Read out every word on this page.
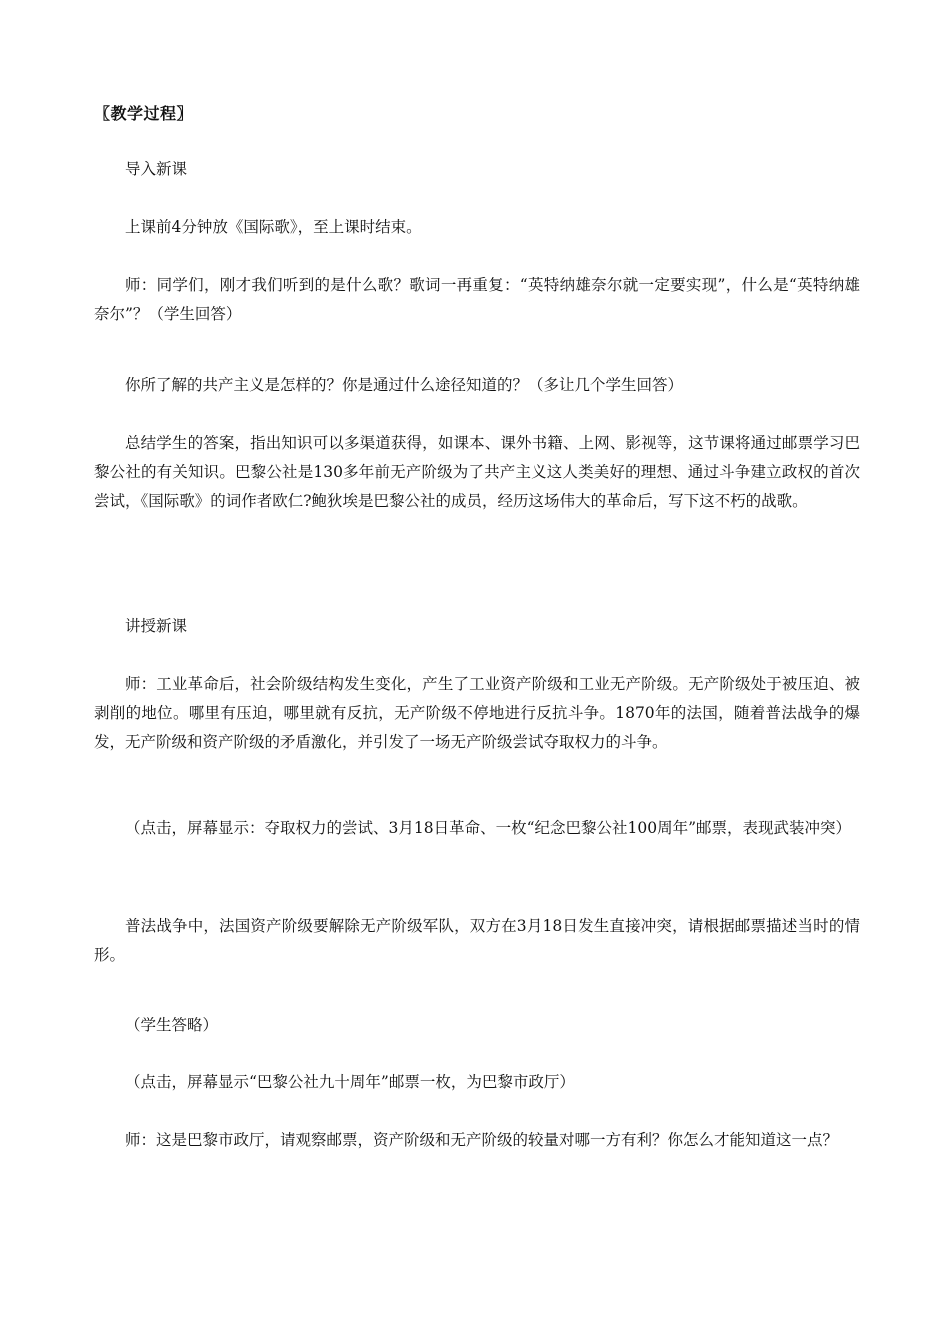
〖教学过程〗

导入新课

上课前4分钟放《国际歌》，至上课时结束。

师：同学们，刚才我们听到的是什么歌？歌词一再重复：“英特纳雄奈尔就一定要实现”，什么是“英特纳雄奈尔”？（学生回答）

你所了解的共产主义是怎样的？你是通过什么途径知道的？（多让几个学生回答）

总结学生的答案，指出知识可以多渠道获得，如课本、课外书籍、上网、影视等，这节课将通过邮票学习巴黎公社的有关知识。巴黎公社是130多年前无产阶级为了共产主义这人类美好的理想、通过斗争建立政权的首次尝试，《国际歌》的词作者欧仁?鲍狄埃是巴黎公社的成员，经历这场伟大的革命后，写下这不朽的战歌。

讲授新课

师：工业革命后，社会阶级结构发生变化，产生了工业资产阶级和工业无产阶级。无产阶级处于被压迫、被剥削的地位。哪里有压迫，哪里就有反抗，无产阶级不停地进行反抗斗争。1870年的法国，随着普法战争的爆发，无产阶级和资产阶级的矛盾激化，并引发了一场无产阶级尝试夺取权力的斗争。

（点击，屏幕显示：夺取权力的尝试、3月18日革命、一枚“纪念巴黎公社100周年”邮票，表现武装冲突）

普法战争中，法国资产阶级要解除无产阶级军队，双方在3月18日发生直接冲突，请根据邮票描述当时的情形。

（学生答略）

（点击，屏幕显示“巴黎公社九十周年”邮票一枚，为巴黎市政厅）

师：这是巴黎市政厅，请观察邮票，资产阶级和无产阶级的较量对哪一方有利？你怎么才能知道这一点？
